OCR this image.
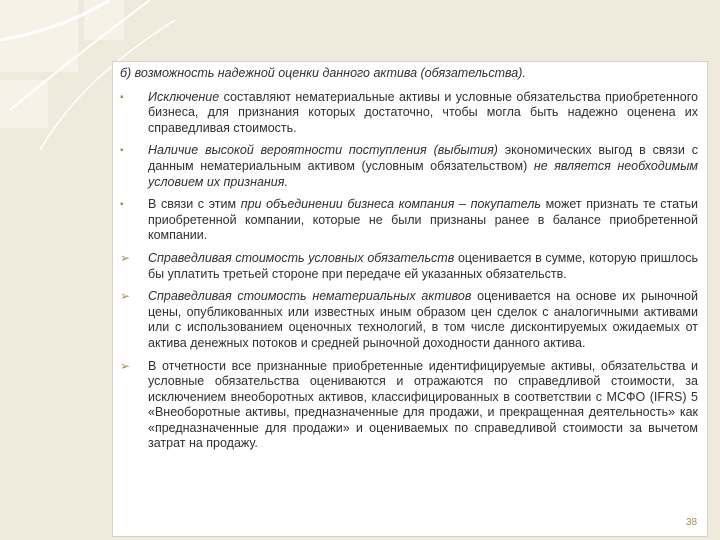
б) возможность надежной оценки данного актива (обязательства).

▪	Исключение составляют нематериальные активы и условные обязательства приобретенного бизнеса, для признания которых достаточно, чтобы могла быть надежно оценена их справедливая стоимость.
▪	Наличие высокой вероятности поступления (выбытия) экономических выгод в связи с данным нематериальным активом (условным обязательством) не является необходимым условием их признания.
▪	В связи с этим при объединении бизнеса компания – покупатель может признать те статьи приобретенной компании, которые не были признаны ранее в балансе приобретенной компании.
➢	Справедливая стоимость условных обязательств оценивается в сумме, которую пришлось бы уплатить третьей стороне при передаче ей указанных обязательств.
➢	Справедливая стоимость нематериальных активов оценивается на основе их рыночной цены, опубликованных или известных иным образом цен сделок с аналогичными активами или с использованием оценочных технологий, в том числе дисконтируемых ожидаемых от актива денежных потоков и средней рыночной доходности данного актива.
➢	В отчетности все признанные приобретенные идентифицируемые активы, обязательства и условные обязательства оцениваются и отражаются по справедливой стоимости, за исключением внеоборотных активов, классифицированных в соответствии с МСФО (IFRS) 5 «Внеоборотные активы, предназначенные для продажи, и прекращенная деятельность» как «предназначенные для продажи» и оцениваемых по справедливой стоимости за вычетом затрат на продажу.
38
